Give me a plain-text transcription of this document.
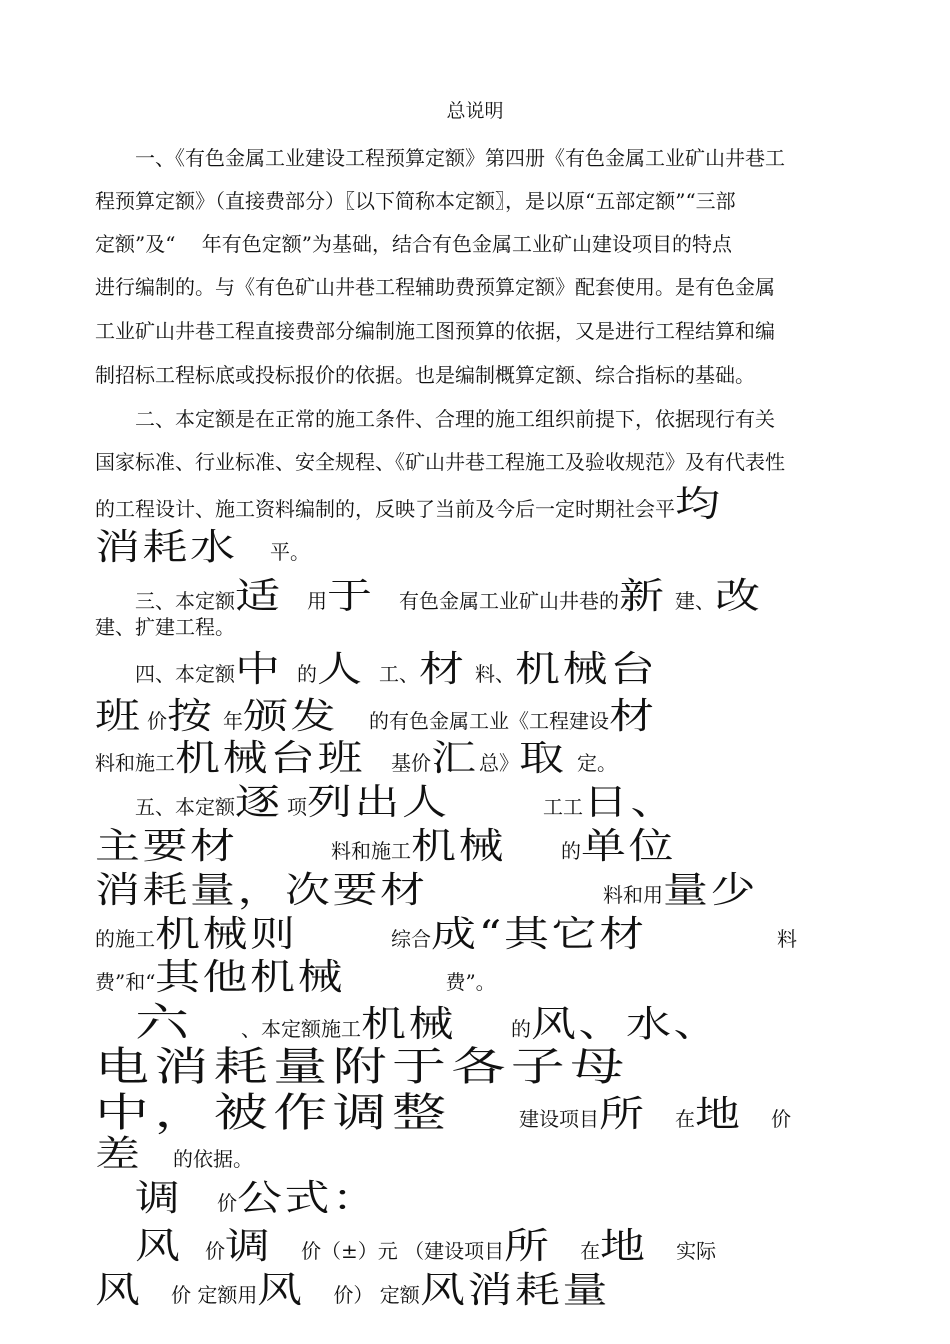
总说明
一、《有色金属工业建设工程预算定额》第四册《有色金属工业矿山井巷工
程预算定额》（直接费部分）〖以下简称本定额〗，是以原“五部定额”“三部
定额”及“　 年有色定额”为基础，结合有色金属工业矿山建设项目的特点
进行编制的。与《有色矿山井巷工程辅助费预算定额》配套使用。是有色金属
工业矿山井巷工程直接费部分编制施工图预算的依据，又是进行工程结算和编
制招标工程标底或投标报价的依据。也是编制概算定额、综合指标的基础。
二、本定额是在正常的施工条件、合理的施工组织前提下，依据现行有关
国家标准、行业标准、安全规程、《矿山井巷工程施工及验收规范》及有代表性
的工程设计、施工资料编制的，反映了当前及今后一定时期社会平均
消耗水 平。
三、本定额适 用于 有色金属工业矿山井巷的新 建、改
建、扩建工程。
四、本定额中 的人 工、材 料、机械台
班价按 年颁发 的有色金属工业《工程建设材
料和施工机械台班 基价汇总》取 定。
五、本定额逐 项列出人	工工日、
主要材	料和施工机械	的单位
消耗量，次要材	料和用量少
的施工机械则	综合成“其它材	料
费”和“其他机械	费”。
六 、本定额施工机械	的风、水、
电消耗量附于各子母
中，被作调整	建设项目所 在地 价
差 的依据。
调 价公式：
风 价调 价（±）元 （建设项目所 在地 实际
风 价 定额用风 价） 定额风消耗量
